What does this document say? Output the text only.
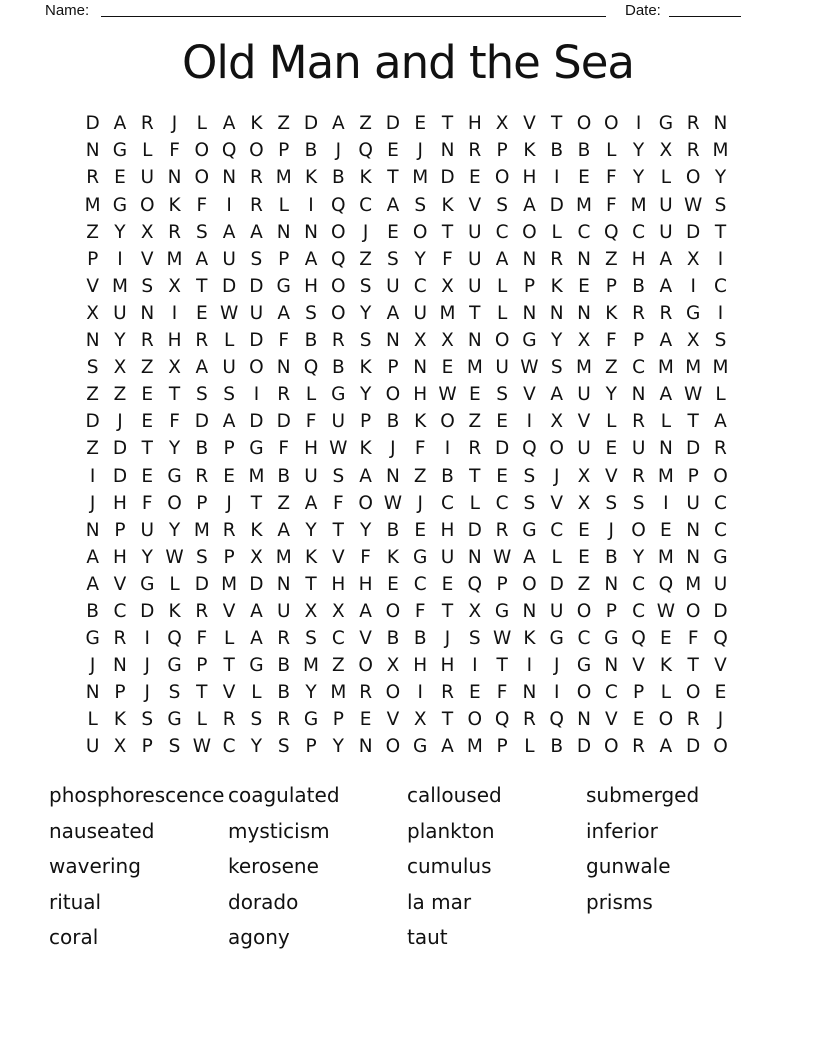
Name:	Date:
Old Man and the Sea
D A R J	L A K Z D A Z D E T H X V T O O I G R N
N G L F O Q O P B J Q E	J N R P K B B L Y X R M
R E U N O N R M K B K T M D E O H I	E F Y L O Y
M G O K F	I R L	I Q C A S K V S A D M F M U W S
Z Y X R S A A N N O J	E O T U C O L C Q C U D T
P	I V M A U S P A Q Z S Y F U A N R N Z H A X I
V M S X T D D G H O S U C X U L P K E P B A I C
X U N I	E W U A S O Y A U M T L N N N K R R G I
N Y R H R L D F B R S N X X N O G Y X F P A X S
S X Z X A U O N Q B K P N E M U W S M Z C M M M
Z Z E T S S	I R L G Y O H W E S V A U Y N A W L
D J	E F D A D D F U P B K O Z E	I X V L R L T A
Z D T Y B P G F H W K J	F	I R D Q O U E U N D R
I D E G R E M B U S A N Z B T E S	J X V R M P O
J H F O P	J	T Z A F O W J C L C S V X S S	I U C
N P U Y M R K A Y T Y B E H D R G C E	J O E N C
A H Y W S P X M K V F K G U N W A L E B Y M N G
A V G L D M D N T H H E C E Q P O D Z N C Q M U
B C D K R V A U X X A O F T X G N U O P C W O D
G R I Q F L A R S C V B B J	S W K G C G Q E F Q
J N J G P T G B M Z O X H H I	T	I	J G N V K T V
N P	J	S T V L B Y M R O I R E F N I O C P L O E
L K S G L R S R G P E V X T O Q R Q N V E O R J
U X P S W C Y S P Y N O G A M P L B D O R A D O
phosphorescence
nauseated
wavering
ritual
coral
coagulated
mysticism
kerosene
dorado
agony
calloused
plankton
cumulus
la mar
taut
submerged
inferior
gunwale
prisms
